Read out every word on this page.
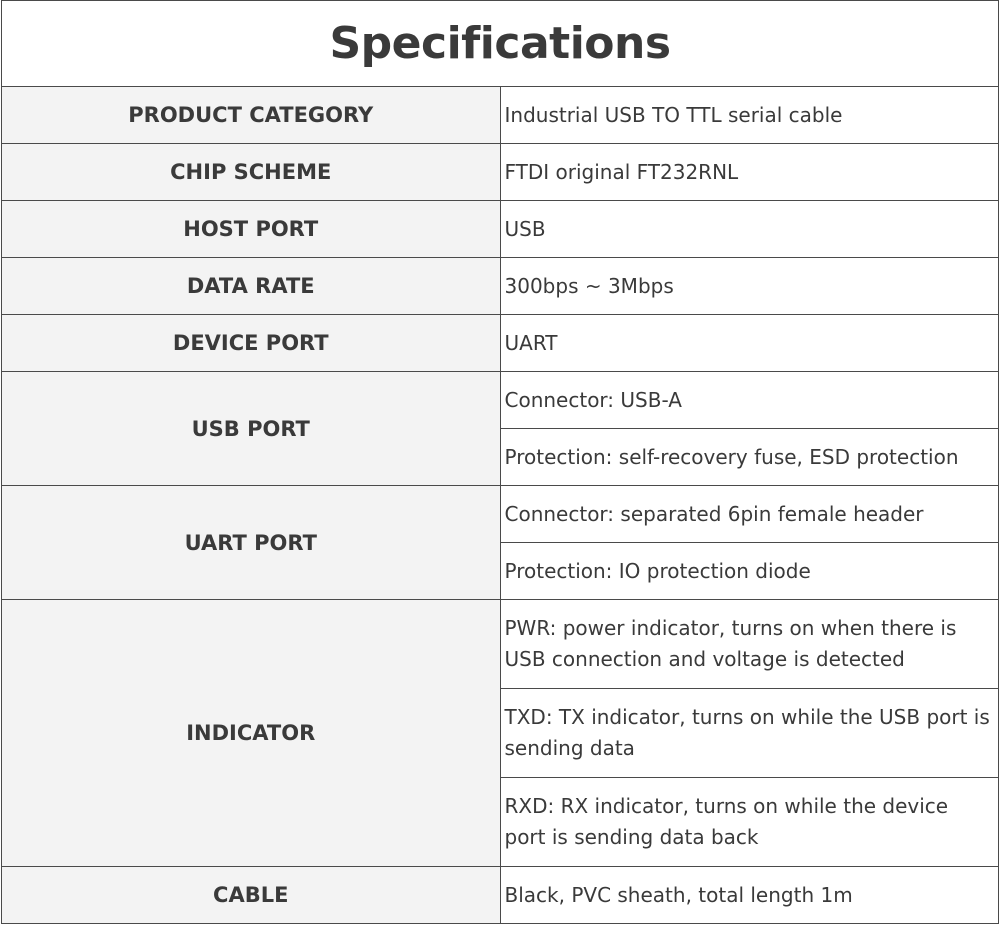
Specifications	
PRODUCT CATEGORY	Industrial USB TO TTL serial cable
CHIP SCHEME	FTDI original FT232RNL
HOST PORT	USB
DATA RATE	300bps ~ 3Mbps
DEVICE PORT	UART
USB PORT	Connector: USB-A
	Protection: self-recovery fuse, ESD protection
UART PORT	Connector: separated 6pin female header
	Protection: IO protection diode
INDICATOR	PWR: power indicator, turns on when there is USB connection and voltage is detected
	TXD: TX indicator, turns on while the USB port is sending data
	RXD: RX indicator, turns on while the device port is sending data back
CABLE	Black, PVC sheath, total length 1m
